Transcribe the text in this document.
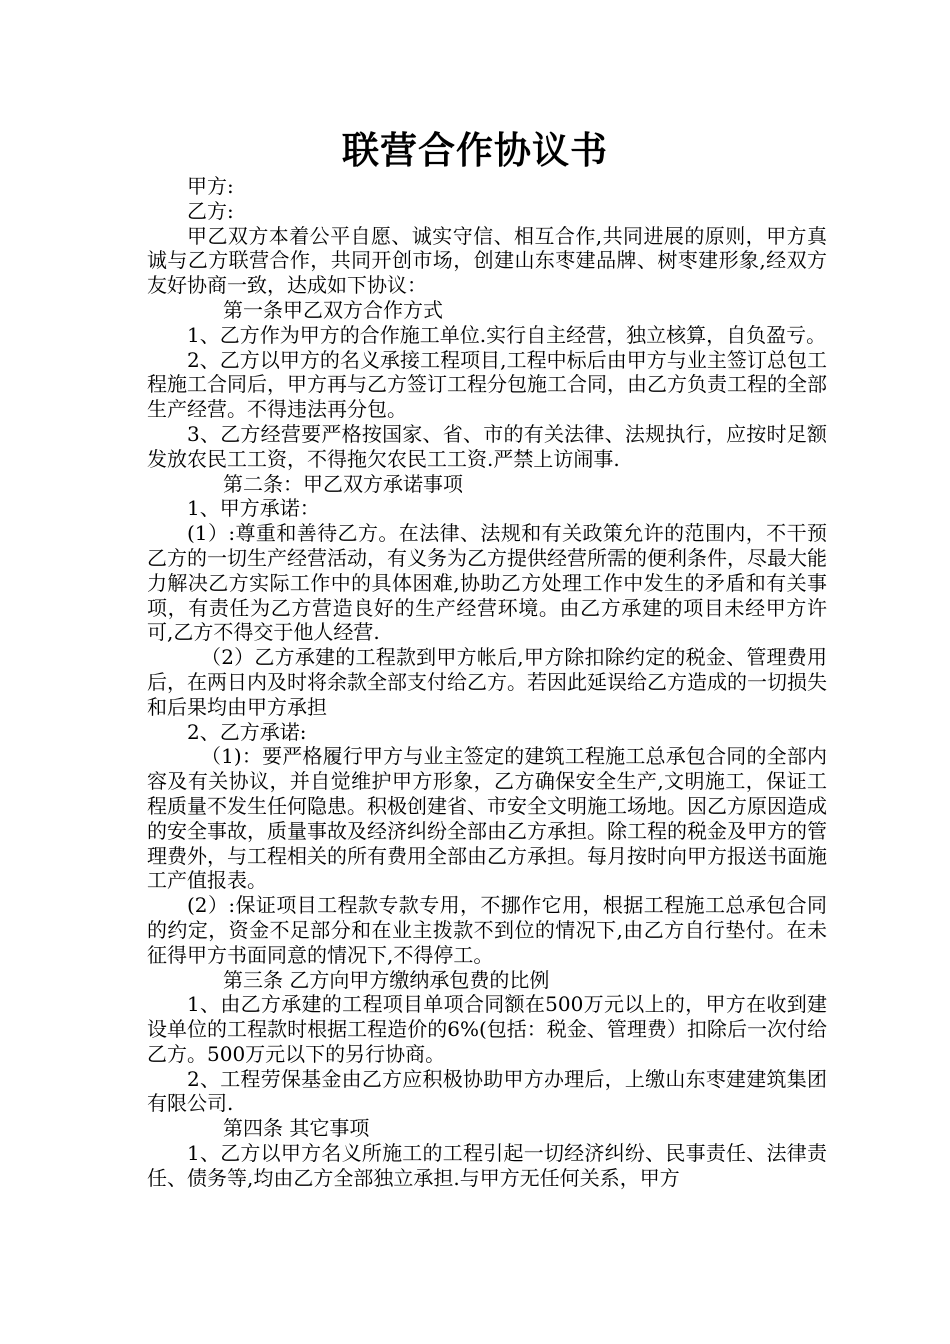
联营合作协议书

甲方:

乙方:

甲乙双方本着公平自愿、诚实守信、相互合作,共同进展的原则，甲方真诚与乙方联营合作，共同开创市场，创建山东枣建品牌、树枣建形象,经双方友好协商一致，达成如下协议：

第一条甲乙双方合作方式

1、乙方作为甲方的合作施工单位.实行自主经营，独立核算，自负盈亏。

2、乙方以甲方的名义承接工程项目,工程中标后由甲方与业主签订总包工程施工合同后，甲方再与乙方签订工程分包施工合同，由乙方负责工程的全部生产经营。不得违法再分包。

3、乙方经营要严格按国家、省、市的有关法律、法规执行，应按时足额发放农民工工资，不得拖欠农民工工资.严禁上访闹事.

第二条：甲乙双方承诺事项

1、甲方承诺：

(1）:尊重和善待乙方。在法律、法规和有关政策允许的范围内，不干预乙方的一切生产经营活动，有义务为乙方提供经营所需的便利条件，尽最大能力解决乙方实际工作中的具体困难,协助乙方处理工作中发生的矛盾和有关事项，有责任为乙方营造良好的生产经营环境。由乙方承建的项目未经甲方许可,乙方不得交于他人经营.

（2）乙方承建的工程款到甲方帐后,甲方除扣除约定的税金、管理费用后，在两日内及时将余款全部支付给乙方。若因此延误给乙方造成的一切损失和后果均由甲方承担

2、乙方承诺:

（1)：要严格履行甲方与业主签定的建筑工程施工总承包合同的全部内容及有关协议，并自觉维护甲方形象，乙方确保安全生产,文明施工，保证工程质量不发生任何隐患。积极创建省、市安全文明施工场地。因乙方原因造成的安全事故，质量事故及经济纠纷全部由乙方承担。除工程的税金及甲方的管理费外，与工程相关的所有费用全部由乙方承担。每月按时向甲方报送书面施工产值报表。

(2）:保证项目工程款专款专用，不挪作它用，根据工程施工总承包合同的约定，资金不足部分和在业主拨款不到位的情况下,由乙方自行垫付。在未征得甲方书面同意的情况下,不得停工。

第三条 乙方向甲方缴纳承包费的比例

1、由乙方承建的工程项目单项合同额在500万元以上的，甲方在收到建设单位的工程款时根据工程造价的6%(包括：税金、管理费）扣除后一次付给乙方。500万元以下的另行协商。

2、工程劳保基金由乙方应积极协助甲方办理后，上缴山东枣建建筑集团有限公司.

第四条 其它事项

1、乙方以甲方名义所施工的工程引起一切经济纠纷、民事责任、法律责任、债务等,均由乙方全部独立承担.与甲方无任何关系，甲方
